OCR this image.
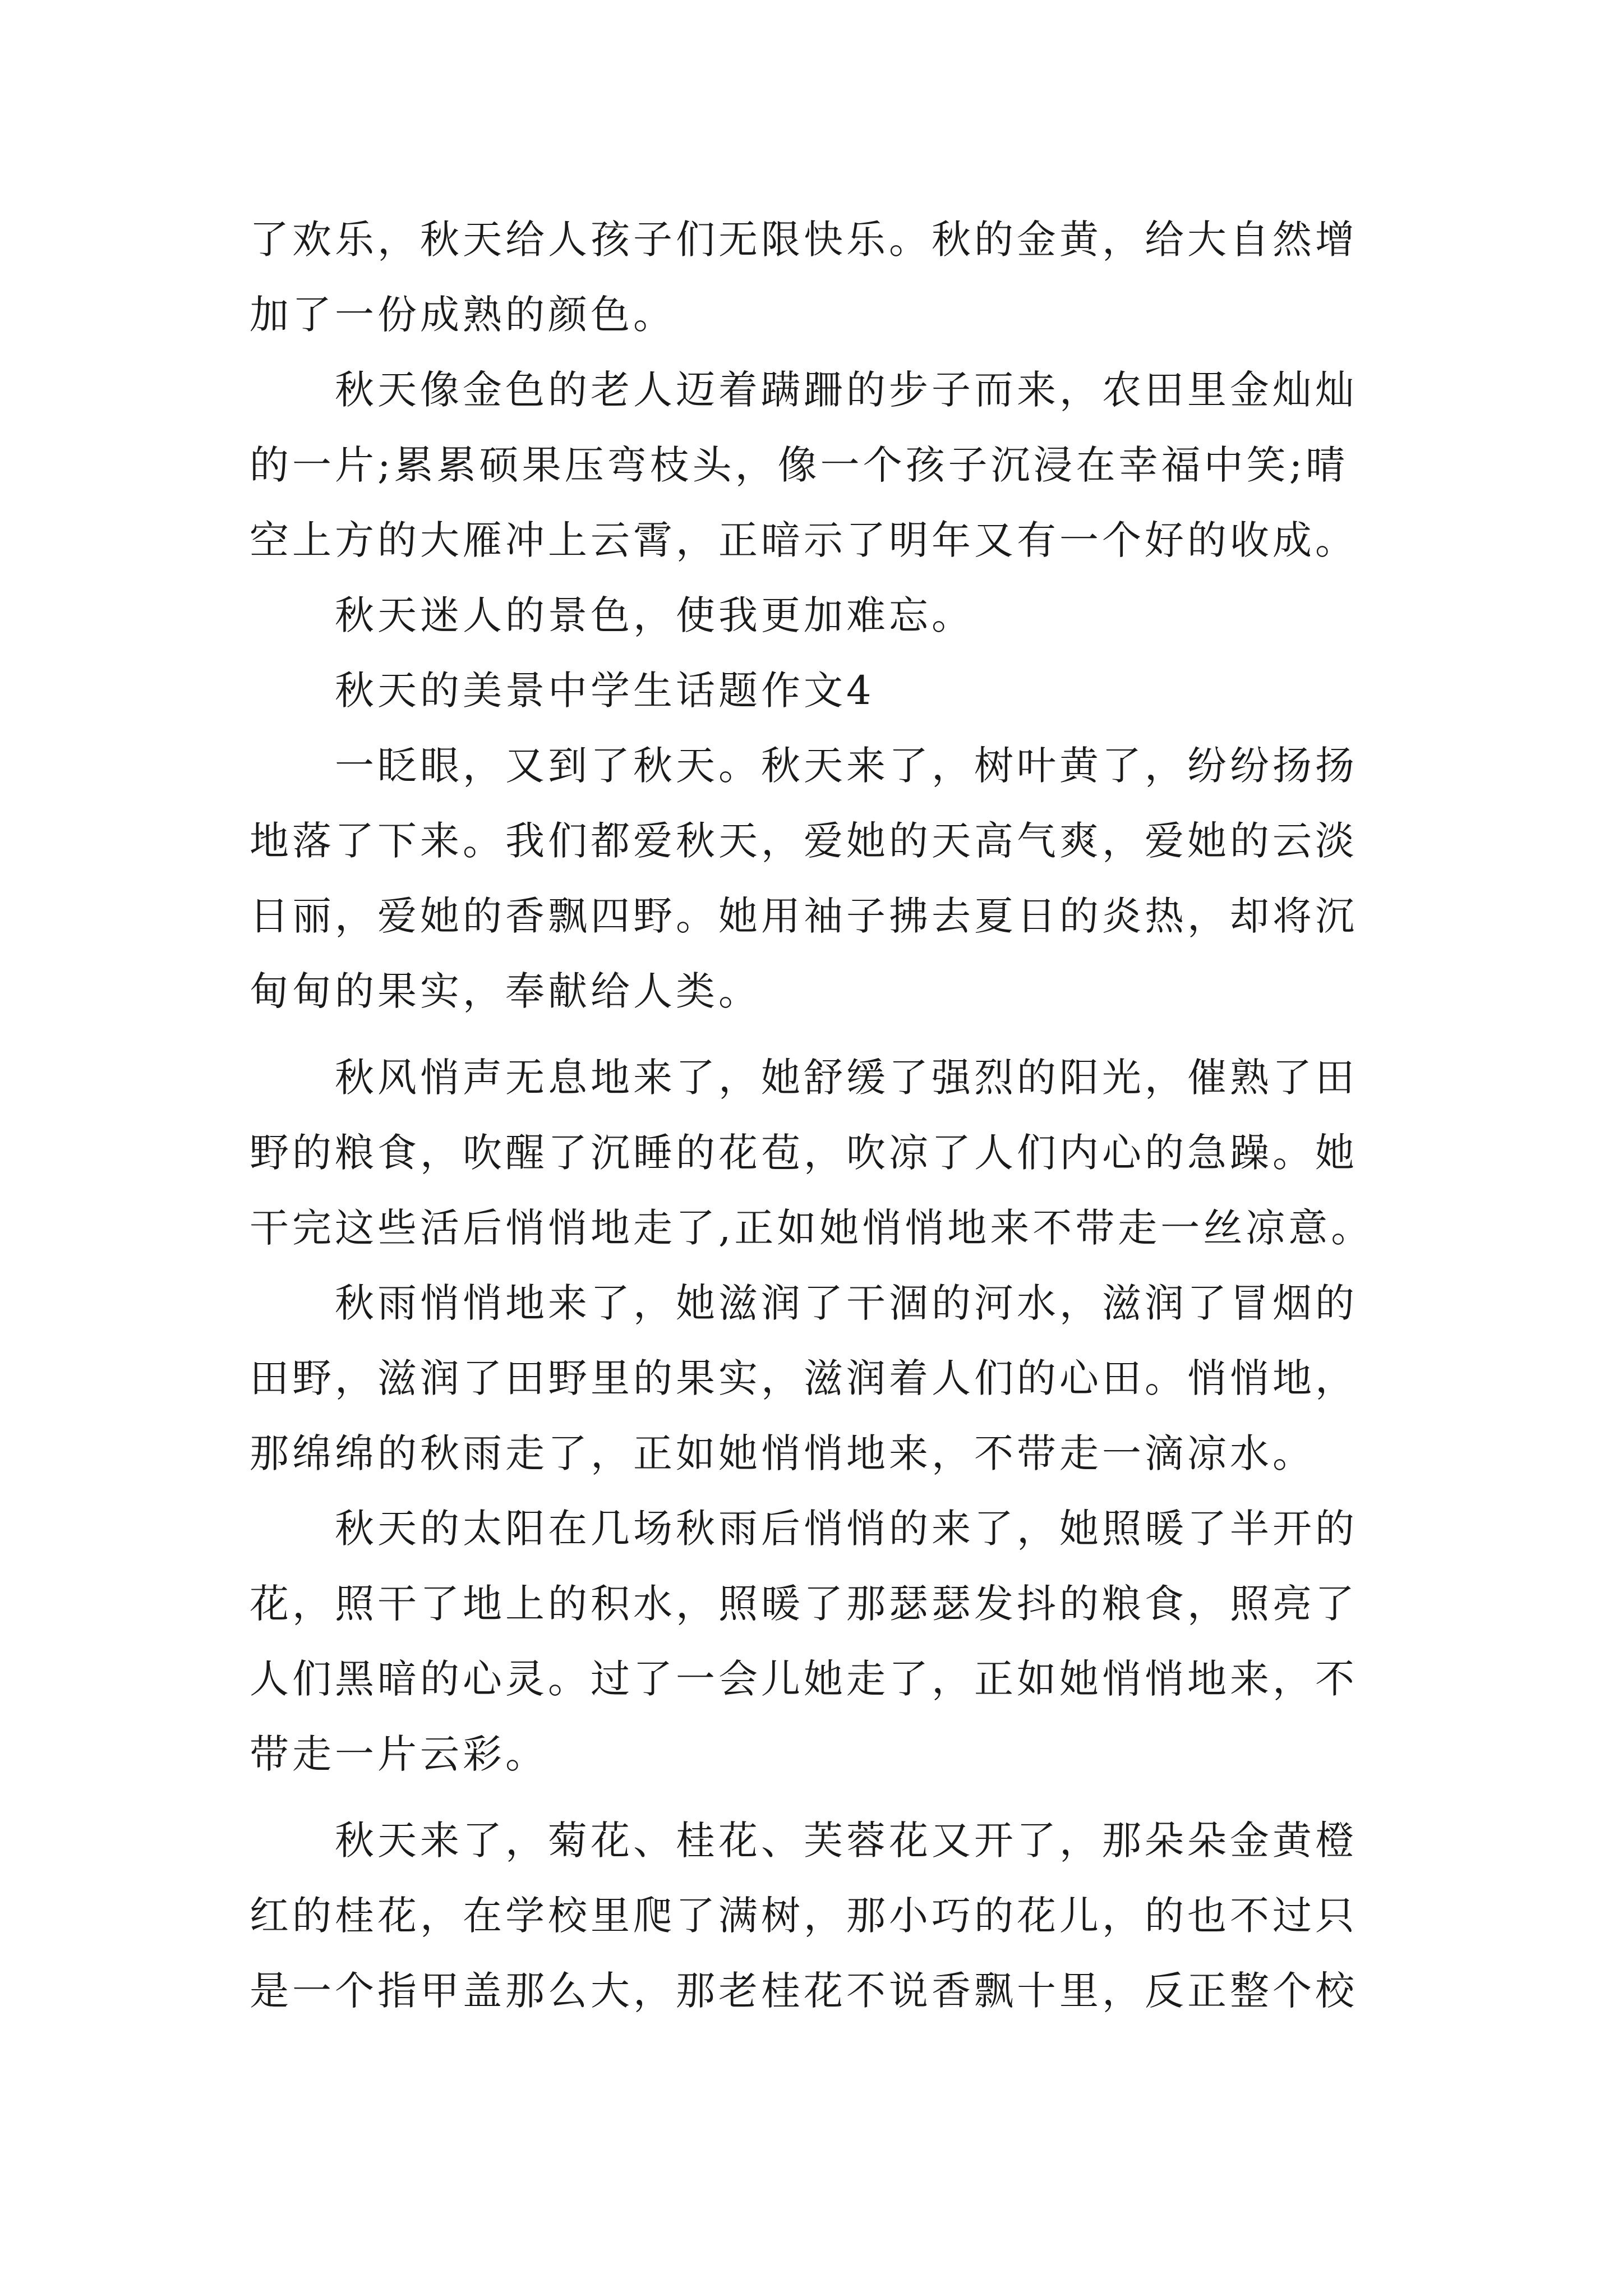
了欢乐，秋天给人孩子们无限快乐。秋的金黄，给大自然增
加了一份成熟的颜色。
秋天像金色的老人迈着蹒跚的步子而来，农田里金灿灿
的一片;累累硕果压弯枝头，像一个孩子沉浸在幸福中笑;晴
空上方的大雁冲上云霄，正暗示了明年又有一个好的收成。
秋天迷人的景色，使我更加难忘。
秋天的美景中学生话题作文4
一眨眼，又到了秋天。秋天来了，树叶黄了，纷纷扬扬
地落了下来。我们都爱秋天，爱她的天高气爽，爱她的云淡
日丽，爱她的香飘四野。她用袖子拂去夏日的炎热，却将沉
甸甸的果实，奉献给人类。
秋风悄声无息地来了，她舒缓了强烈的阳光，催熟了田
野的粮食，吹醒了沉睡的花苞，吹凉了人们内心的急躁。她
干完这些活后悄悄地走了,正如她悄悄地来不带走一丝凉意。
秋雨悄悄地来了，她滋润了干涸的河水，滋润了冒烟的
田野，滋润了田野里的果实，滋润着人们的心田。悄悄地，
那绵绵的秋雨走了，正如她悄悄地来，不带走一滴凉水。
秋天的太阳在几场秋雨后悄悄的来了，她照暖了半开的
花，照干了地上的积水，照暖了那瑟瑟发抖的粮食，照亮了
人们黑暗的心灵。过了一会儿她走了，正如她悄悄地来，不
带走一片云彩。
秋天来了，菊花、桂花、芙蓉花又开了，那朵朵金黄橙
红的桂花，在学校里爬了满树，那小巧的花儿，的也不过只
是一个指甲盖那么大，那老桂花不说香飘十里，反正整个校
